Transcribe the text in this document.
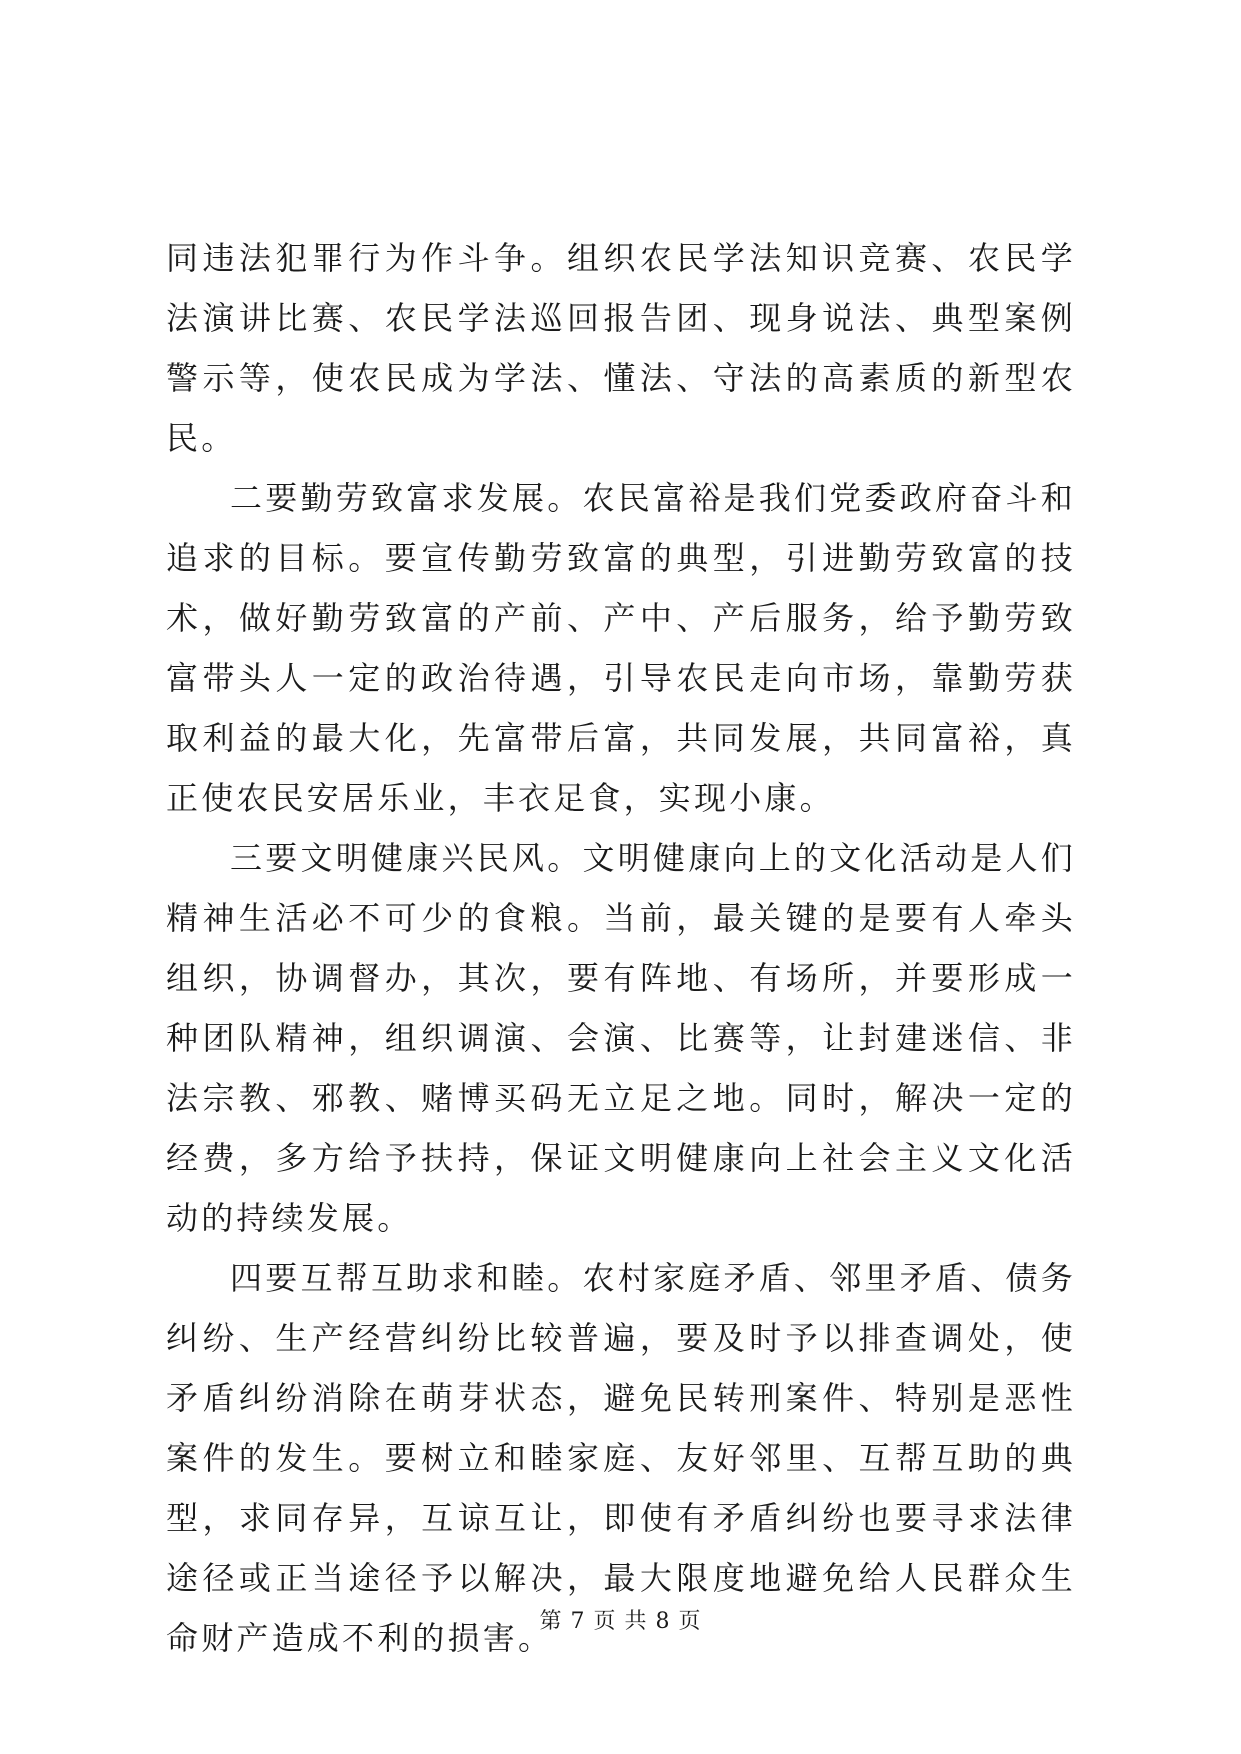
同违法犯罪行为作斗争。组织农民学法知识竞赛、农民学法演讲比赛、农民学法巡回报告团、现身说法、典型案例警示等，使农民成为学法、懂法、守法的高素质的新型农民。

二要勤劳致富求发展。农民富裕是我们党委政府奋斗和追求的目标。要宣传勤劳致富的典型，引进勤劳致富的技术，做好勤劳致富的产前、产中、产后服务，给予勤劳致富带头人一定的政治待遇，引导农民走向市场，靠勤劳获取利益的最大化，先富带后富，共同发展，共同富裕，真正使农民安居乐业，丰衣足食，实现小康。

三要文明健康兴民风。文明健康向上的文化活动是人们精神生活必不可少的食粮。当前，最关键的是要有人牵头组织，协调督办，其次，要有阵地、有场所，并要形成一种团队精神，组织调演、会演、比赛等，让封建迷信、非法宗教、邪教、赌博买码无立足之地。同时，解决一定的经费，多方给予扶持，保证文明健康向上社会主义文化活动的持续发展。

四要互帮互助求和睦。农村家庭矛盾、邻里矛盾、债务纠纷、生产经营纠纷比较普遍，要及时予以排查调处，使矛盾纠纷消除在萌芽状态，避免民转刑案件、特别是恶性案件的发生。要树立和睦家庭、友好邻里、互帮互助的典型，求同存异，互谅互让，即使有矛盾纠纷也要寻求法律途径或正当途径予以解决，最大限度地避免给人民群众生命财产造成不利的损害。

第 7 页 共 8 页
